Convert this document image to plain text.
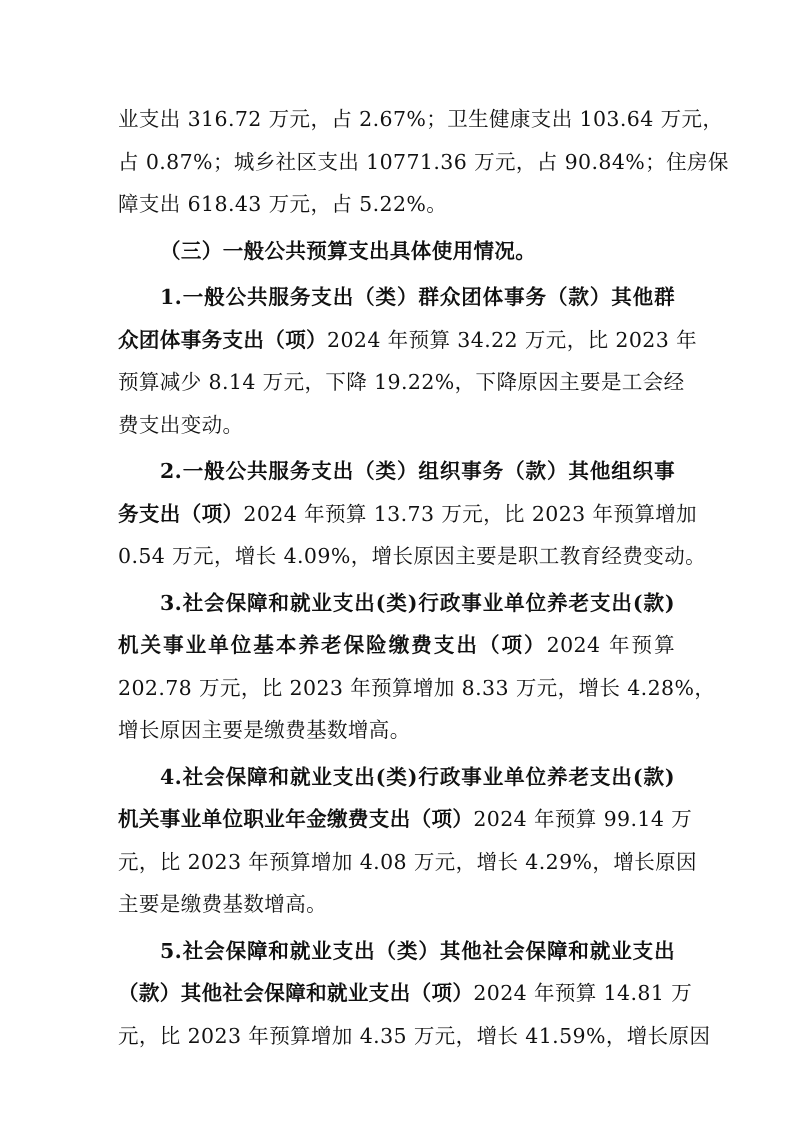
业支出 316.72 万元，占 2.67%；卫生健康支出 103.64 万元，
占 0.87%；城乡社区支出 10771.36 万元，占 90.84%；住房保
障支出 618.43 万元，占 5.22%。
（三）一般公共预算支出具体使用情况。
1.一般公共服务支出（类）群众团体事务（款）其他群
众团体事务支出（项）2024 年预算 34.22 万元，比 2023 年
预算减少 8.14 万元，下降 19.22%，下降原因主要是工会经
费支出变动。
2.一般公共服务支出（类）组织事务（款）其他组织事
务支出（项）2024 年预算 13.73 万元，比 2023 年预算增加
0.54 万元，增长 4.09%，增长原因主要是职工教育经费变动。
3.社会保障和就业支出(类)行政事业单位养老支出(款)
机关事业单位基本养老保险缴费支出（项）2024 年预算
202.78 万元，比 2023 年预算增加 8.33 万元，增长 4.28%，
增长原因主要是缴费基数增高。
4.社会保障和就业支出(类)行政事业单位养老支出(款)
机关事业单位职业年金缴费支出（项）2024 年预算 99.14 万
元，比 2023 年预算增加 4.08 万元，增长 4.29%，增长原因
主要是缴费基数增高。
5.社会保障和就业支出（类）其他社会保障和就业支出
（款）其他社会保障和就业支出（项）2024 年预算 14.81 万
元，比 2023 年预算增加 4.35 万元，增长 41.59%，增长原因
